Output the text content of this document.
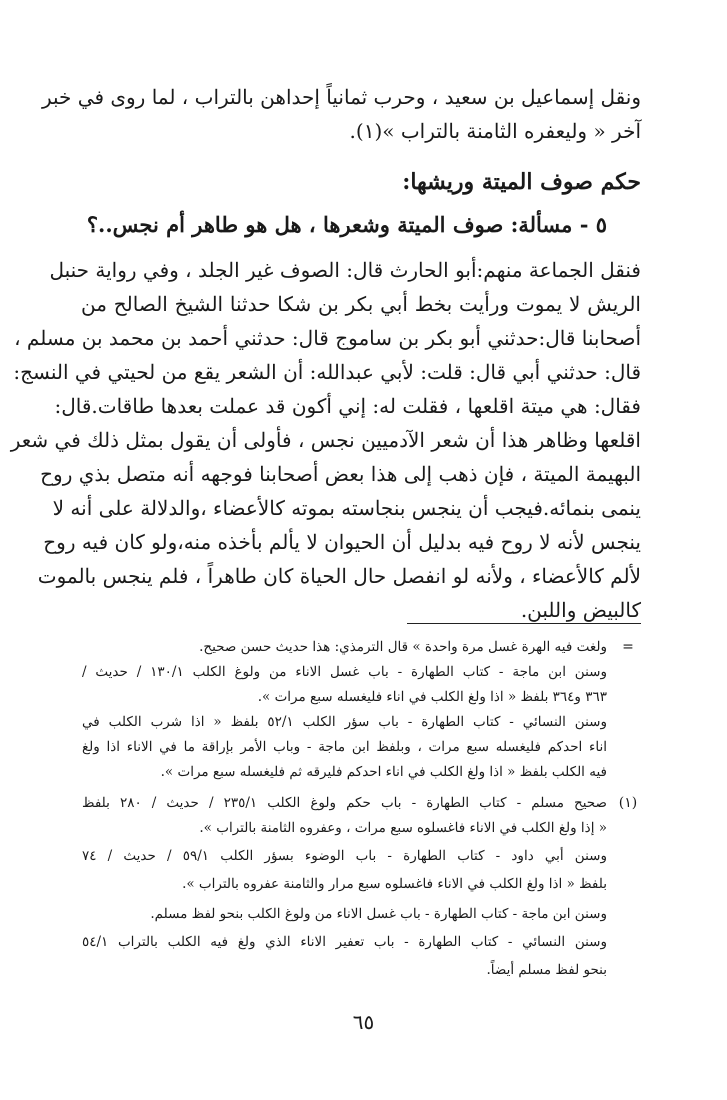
ونقل إسماعيل بن سعيد ، وحرب ثمانياً إحداهن بالتراب ، لما روى في خبر
آخر « وليعفره الثامنة بالتراب »(١).
حكم صوف الميتة وريشها:
٥ - مسألة: صوف الميتة وشعرها ، هل هو طاهر أم نجس..؟
فنقل الجماعة منهم:أبو الحارث قال: الصوف غير الجلد ، وفي رواية حنبل
الريش لا يموت ورأيت بخط أبي بكر بن شكا حدثنا الشيخ الصالح من
أصحابنا قال:حدثني أبو بكر بن ساموج قال: حدثني أحمد بن محمد بن مسلم ،
قال: حدثني أبي قال: قلت: لأبي عبدالله: أن الشعر يقع من لحيتي في النسج:
فقال: هي ميتة اقلعها ، فقلت له: إني أكون قد عملت بعدها طاقات.قال:
اقلعها وظاهر هذا أن شعر الآدميين نجس ، فأولى أن يقول بمثل ذلك في شعر
البهيمة الميتة ، فإن ذهب إلى هذا بعض أصحابنا فوجهه أنه متصل بذي روح
ينمى بنمائه.فيجب أن ينجس بنجاسته بموته كالأعضاء ،والدلالة على أنه لا
ينجس لأنه لا روح فيه بدليل أن الحيوان لا يألم بأخذه منه،ولو كان فيه روح
لألم كالأعضاء ، ولأنه لو انفصل حال الحياة كان طاهراً ، فلم ينجس بالموت
كالبيض واللبن.
=
ولغت فيه الهرة غسل مرة واحدة » قال الترمذي: هذا حديث حسن صحيح.
وسنن ابن ماجة - كتاب الطهارة - باب غسل الاناء من ولوغ الكلب ١٣٠/١ / حديث /
٣٦٣ و٣٦٤ بلفظ « اذا ولغ الكلب في اناء فليغسله سبع مرات ».
وسنن النسائي - كتاب الطهارة - باب سؤر الكلب ٥٢/١ بلفظ « اذا شرب الكلب في
اناء احدكم فليغسله سبع مرات ، وبلفظ ابن ماجة - وباب الأمر بإراقة ما في الاناء اذا ولغ
فيه الكلب بلفظ « اذا ولغ الكلب في اناء احدكم فليرقه ثم فليغسله سبع مرات ».
(١)
صحيح مسلم - كتاب الطهارة - باب حكم ولوغ الكلب ٢٣٥/١ / حديث / ٢٨٠ بلفظ
« إذا ولغ الكلب في الاناء فاغسلوه سبع مرات ، وعفروه الثامنة بالتراب ».
وسنن أبي داود - كتاب الطهارة - باب الوضوء بسؤر الكلب ٥٩/١ / حديث / ٧٤
بلفظ « اذا ولغ الكلب في الاناء فاغسلوه سبع مرار والثامنة عفروه بالتراب ».
وسنن ابن ماجة - كتاب الطهارة - باب غسل الاناء من ولوغ الكلب بنحو لفظ مسلم.
وسنن النسائي - كتاب الطهارة - باب تعفير الاناء الذي ولغ فيه الكلب بالتراب ٥٤/١
بنحو لفظ مسلم أيضاً.
٦٥
